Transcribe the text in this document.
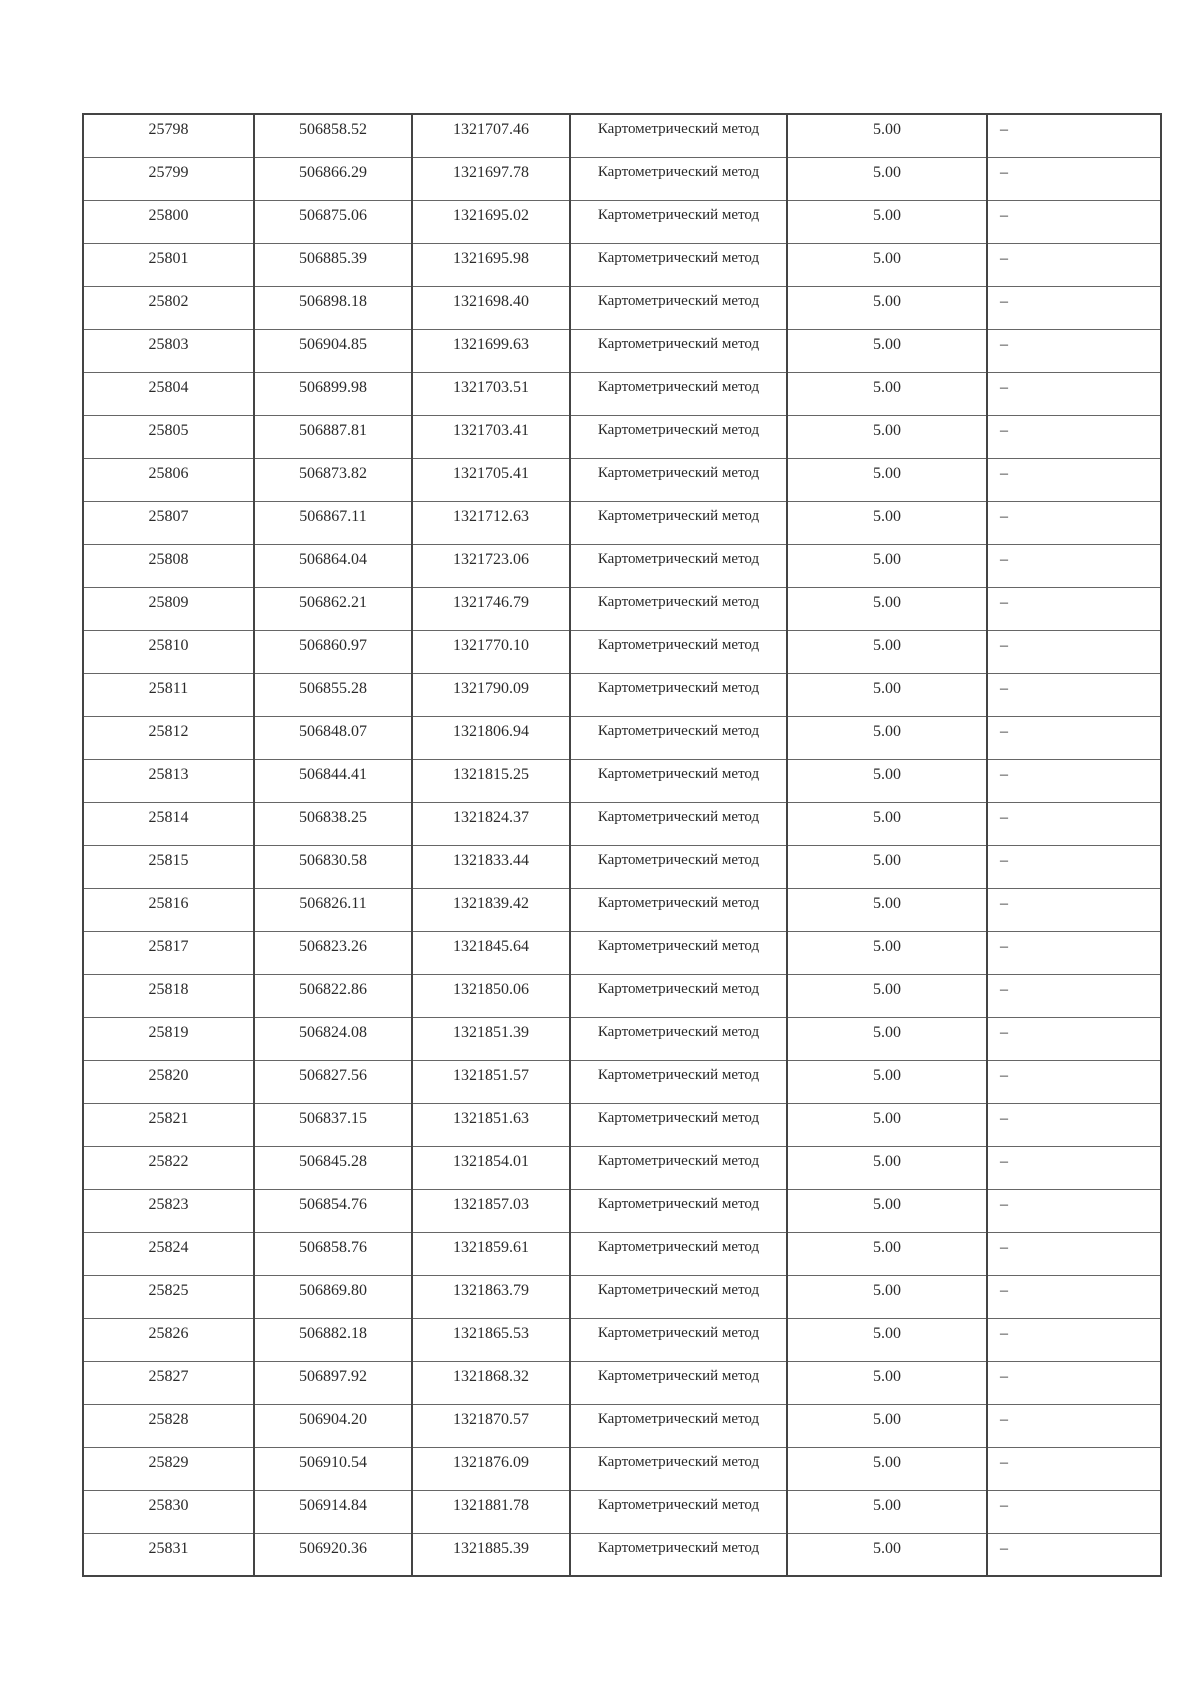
25798	506858.52	1321707.46	Картометрический метод	5.00	–
25799	506866.29	1321697.78	Картометрический метод	5.00	–
25800	506875.06	1321695.02	Картометрический метод	5.00	–
25801	506885.39	1321695.98	Картометрический метод	5.00	–
25802	506898.18	1321698.40	Картометрический метод	5.00	–
25803	506904.85	1321699.63	Картометрический метод	5.00	–
25804	506899.98	1321703.51	Картометрический метод	5.00	–
25805	506887.81	1321703.41	Картометрический метод	5.00	–
25806	506873.82	1321705.41	Картометрический метод	5.00	–
25807	506867.11	1321712.63	Картометрический метод	5.00	–
25808	506864.04	1321723.06	Картометрический метод	5.00	–
25809	506862.21	1321746.79	Картометрический метод	5.00	–
25810	506860.97	1321770.10	Картометрический метод	5.00	–
25811	506855.28	1321790.09	Картометрический метод	5.00	–
25812	506848.07	1321806.94	Картометрический метод	5.00	–
25813	506844.41	1321815.25	Картометрический метод	5.00	–
25814	506838.25	1321824.37	Картометрический метод	5.00	–
25815	506830.58	1321833.44	Картометрический метод	5.00	–
25816	506826.11	1321839.42	Картометрический метод	5.00	–
25817	506823.26	1321845.64	Картометрический метод	5.00	–
25818	506822.86	1321850.06	Картометрический метод	5.00	–
25819	506824.08	1321851.39	Картометрический метод	5.00	–
25820	506827.56	1321851.57	Картометрический метод	5.00	–
25821	506837.15	1321851.63	Картометрический метод	5.00	–
25822	506845.28	1321854.01	Картометрический метод	5.00	–
25823	506854.76	1321857.03	Картометрический метод	5.00	–
25824	506858.76	1321859.61	Картометрический метод	5.00	–
25825	506869.80	1321863.79	Картометрический метод	5.00	–
25826	506882.18	1321865.53	Картометрический метод	5.00	–
25827	506897.92	1321868.32	Картометрический метод	5.00	–
25828	506904.20	1321870.57	Картометрический метод	5.00	–
25829	506910.54	1321876.09	Картометрический метод	5.00	–
25830	506914.84	1321881.78	Картометрический метод	5.00	–
25831	506920.36	1321885.39	Картометрический метод	5.00	–
